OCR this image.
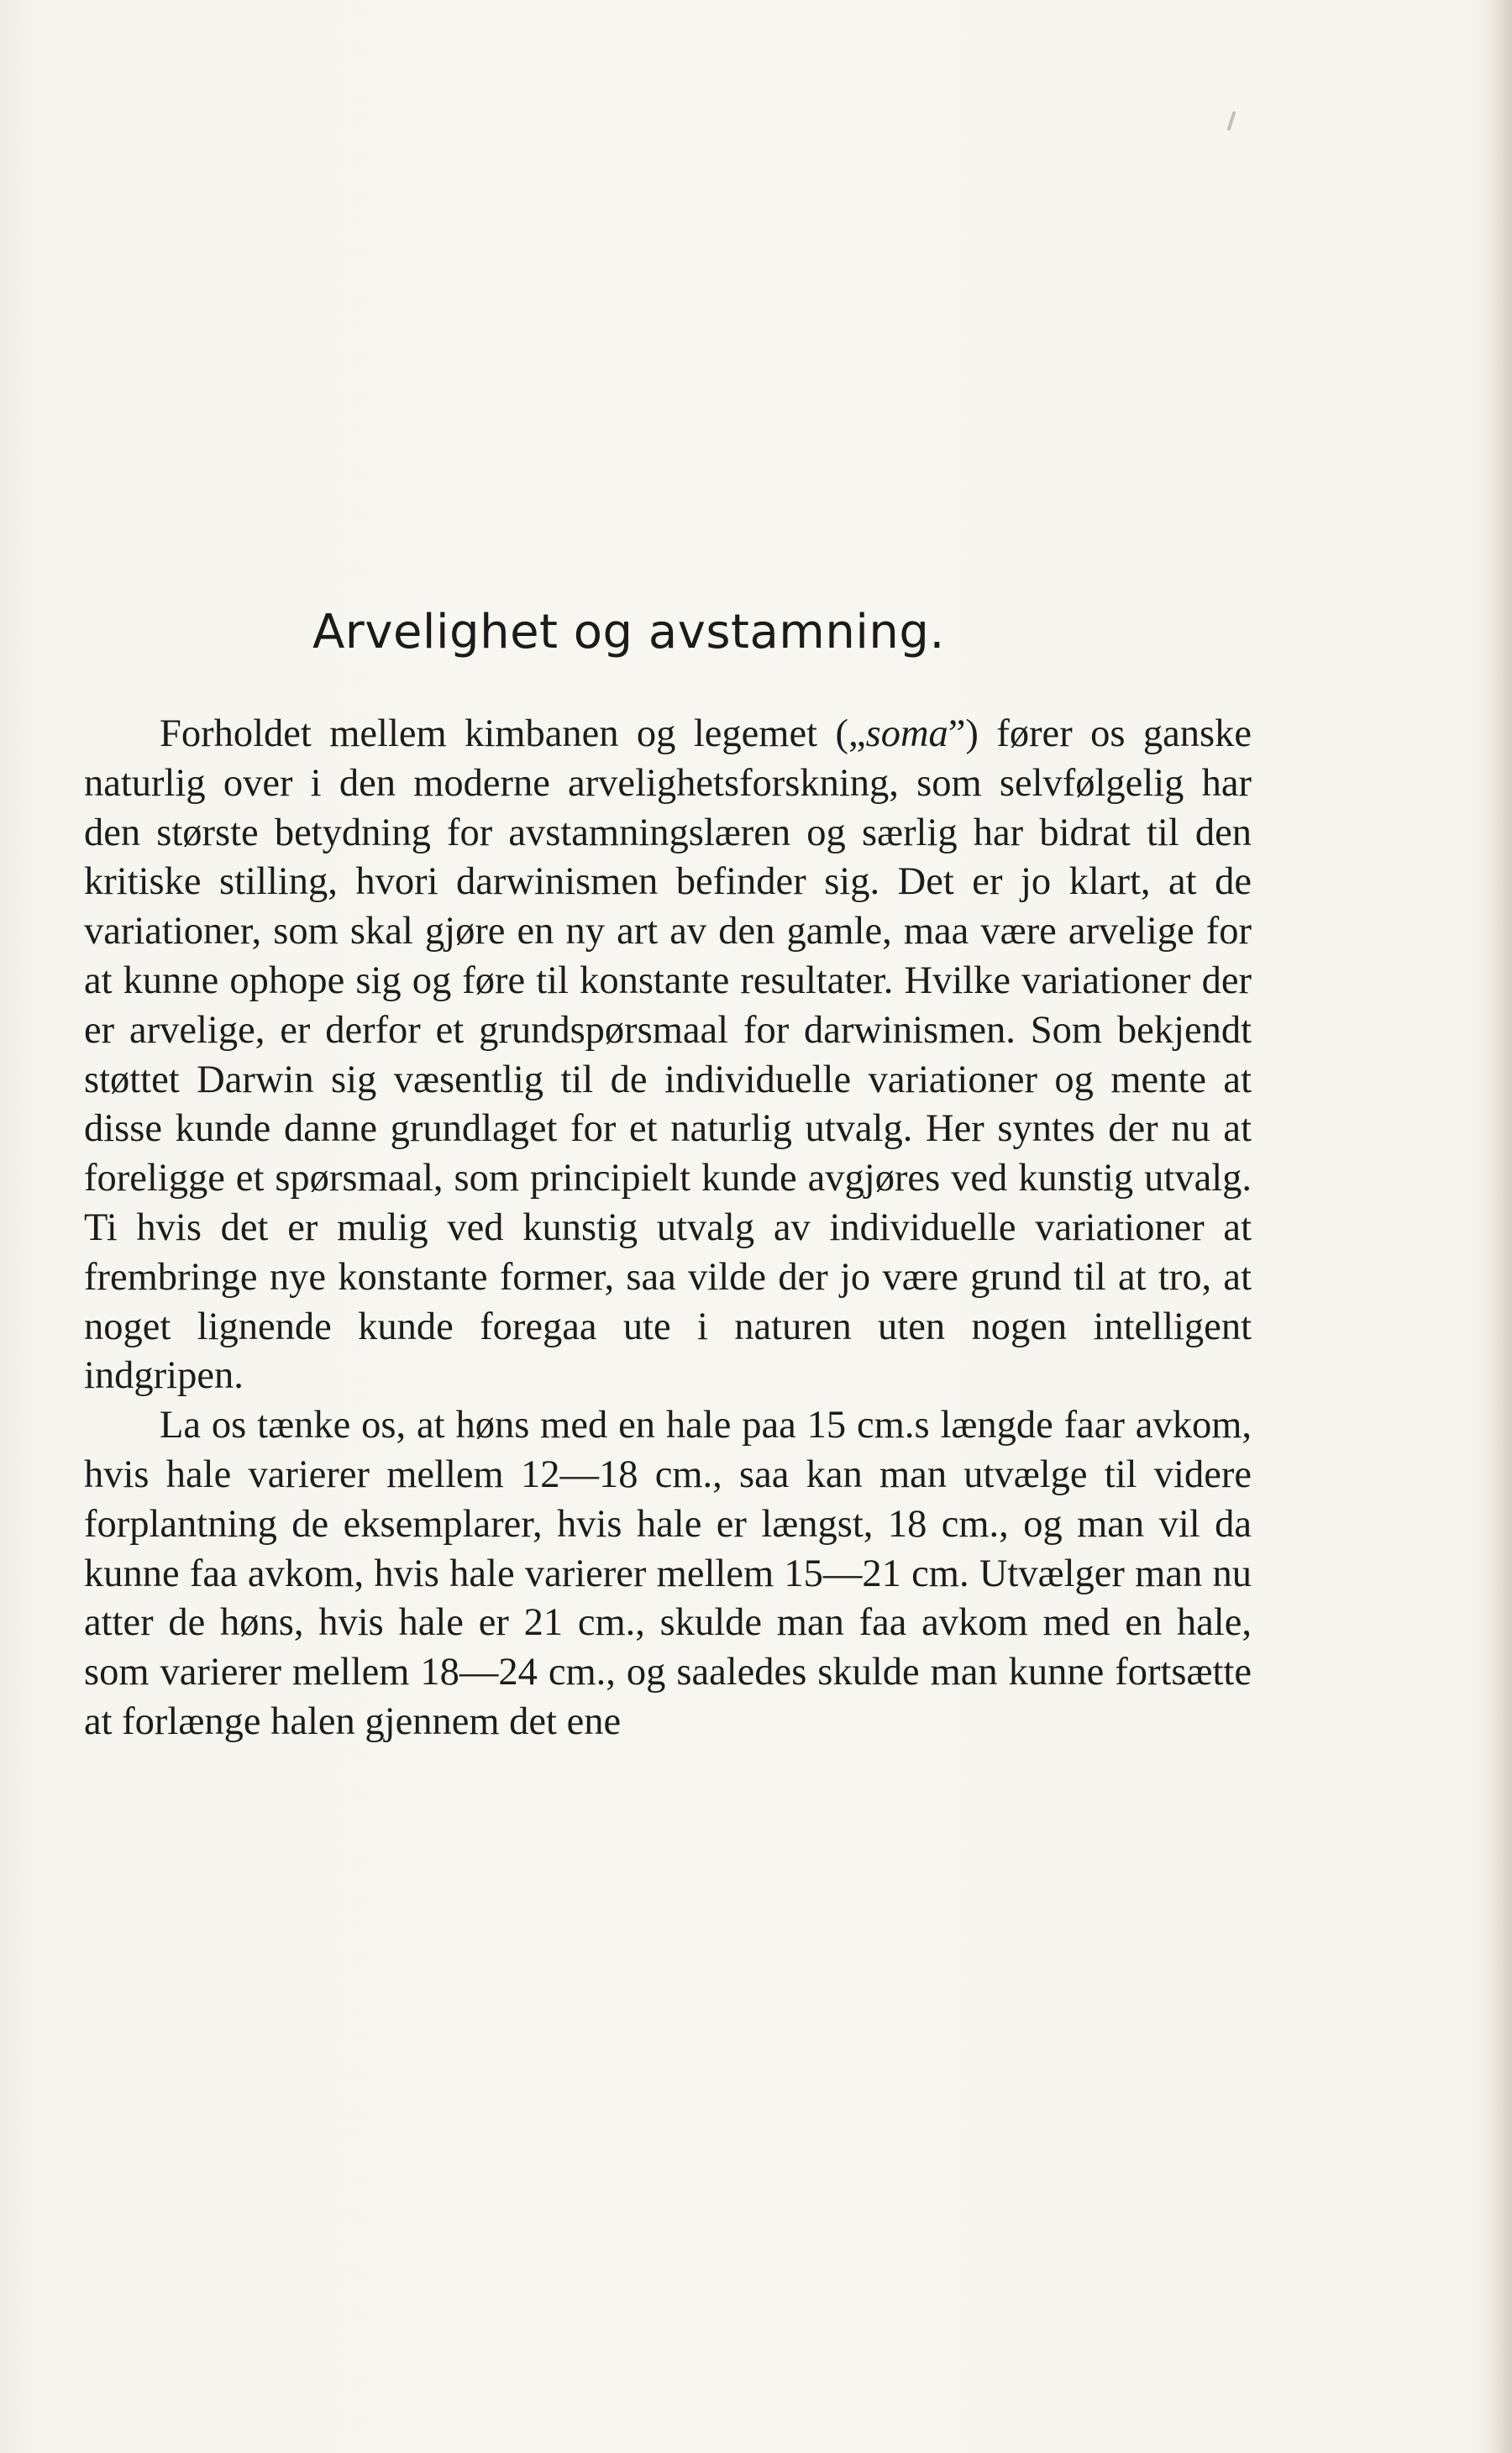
Arvelighet og avstamning.

Forholdet mellem kimbanen og legemet („soma”) fører os ganske naturlig over i den moderne arvelighetsforskning, som selvfølgelig har den største betydning for avstamningslæren og særlig har bidrat til den kritiske stilling, hvori darwinismen befinder sig. Det er jo klart, at de variationer, som skal gjøre en ny art av den gamle, maa være arvelige for at kunne ophope sig og føre til konstante resultater. Hvilke variationer der er arvelige, er derfor et grundspørsmaal for darwinismen. Som bekjendt støttet Darwin sig væsentlig til de individuelle variationer og mente at disse kunde danne grundlaget for et naturlig utvalg. Her syntes der nu at foreligge et spørsmaal, som principielt kunde avgjøres ved kunstig utvalg. Ti hvis det er mulig ved kunstig utvalg av individuelle variationer at frembringe nye konstante former, saa vilde der jo være grund til at tro, at noget lignende kunde foregaa ute i naturen uten nogen intelligent indgripen.

La os tænke os, at høns med en hale paa 15 cm.s længde faar avkom, hvis hale varierer mellem 12—18 cm., saa kan man utvælge til videre forplantning de eksemplarer, hvis hale er længst, 18 cm., og man vil da kunne faa avkom, hvis hale varierer mellem 15—21 cm. Utvælger man nu atter de høns, hvis hale er 21 cm., skulde man faa avkom med en hale, som varierer mellem 18—24 cm., og saaledes skulde man kunne fortsætte at forlænge halen gjennem det ene
